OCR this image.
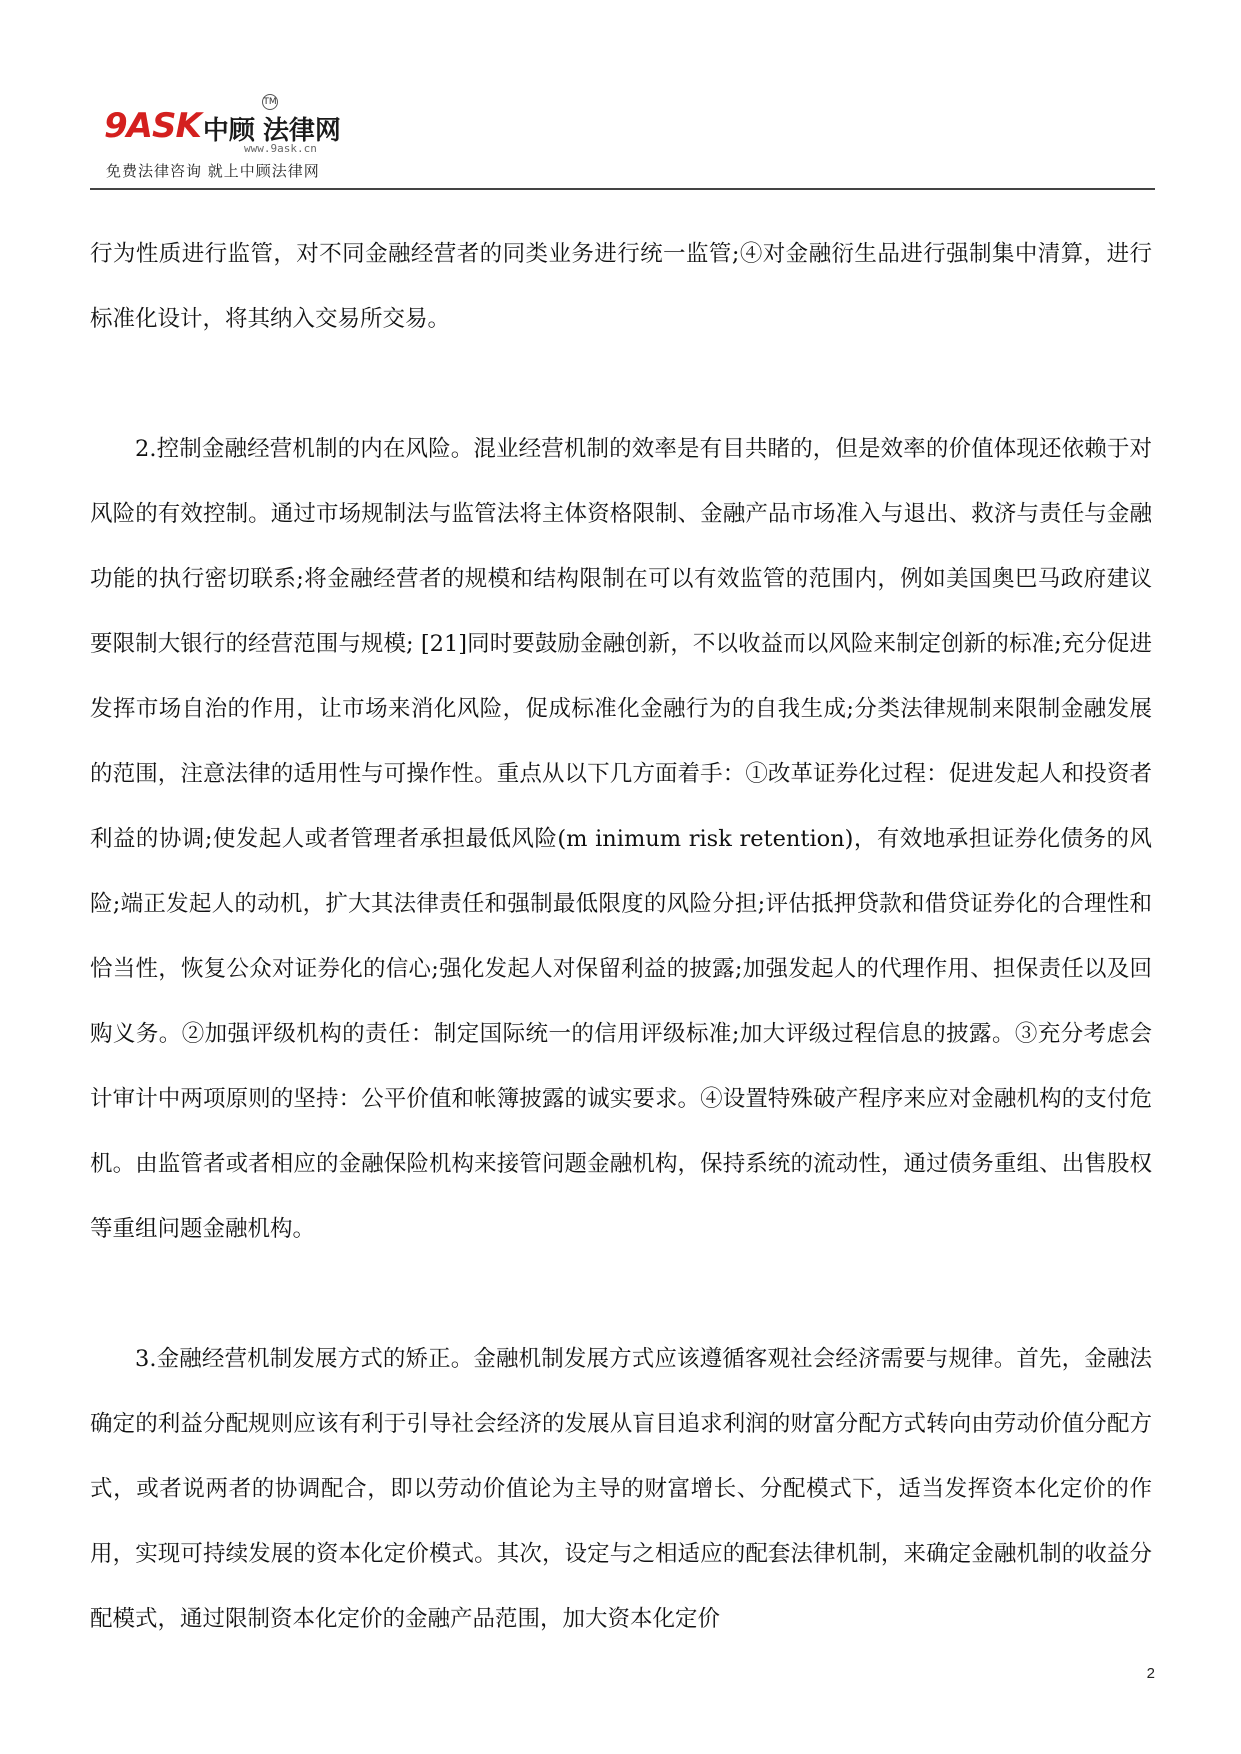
9ASK中顾 法律网
TM
www.9ask.cn
免费法律咨询 就上中顾法律网

行为性质进行监管，对不同金融经营者的同类业务进行统一监管;④对金融衍生品进行强制集中清算，进行标准化设计，将其纳入交易所交易。

2.控制金融经营机制的内在风险。混业经营机制的效率是有目共睹的，但是效率的价值体现还依赖于对风险的有效控制。通过市场规制法与监管法将主体资格限制、金融产品市场准入与退出、救济与责任与金融功能的执行密切联系;将金融经营者的规模和结构限制在可以有效监管的范围内，例如美国奥巴马政府建议要限制大银行的经营范围与规模; [21]同时要鼓励金融创新，不以收益而以风险来制定创新的标准;充分促进发挥市场自治的作用，让市场来消化风险，促成标准化金融行为的自我生成;分类法律规制来限制金融发展的范围，注意法律的适用性与可操作性。重点从以下几方面着手：①改革证券化过程：促进发起人和投资者利益的协调;使发起人或者管理者承担最低风险(m inimum risk retention)，有效地承担证券化债务的风险;端正发起人的动机，扩大其法律责任和强制最低限度的风险分担;评估抵押贷款和借贷证券化的合理性和恰当性，恢复公众对证券化的信心;强化发起人对保留利益的披露;加强发起人的代理作用、担保责任以及回购义务。②加强评级机构的责任：制定国际统一的信用评级标准;加大评级过程信息的披露。③充分考虑会计审计中两项原则的坚持：公平价值和帐簿披露的诚实要求。④设置特殊破产程序来应对金融机构的支付危机。由监管者或者相应的金融保险机构来接管问题金融机构，保持系统的流动性，通过债务重组、出售股权等重组问题金融机构。

3.金融经营机制发展方式的矫正。金融机制发展方式应该遵循客观社会经济需要与规律。首先，金融法确定的利益分配规则应该有利于引导社会经济的发展从盲目追求利润的财富分配方式转向由劳动价值分配方式，或者说两者的协调配合，即以劳动价值论为主导的财富增长、分配模式下，适当发挥资本化定价的作用，实现可持续发展的资本化定价模式。其次，设定与之相适应的配套法律机制，来确定金融机制的收益分配模式，通过限制资本化定价的金融产品范围，加大资本化定价

2
